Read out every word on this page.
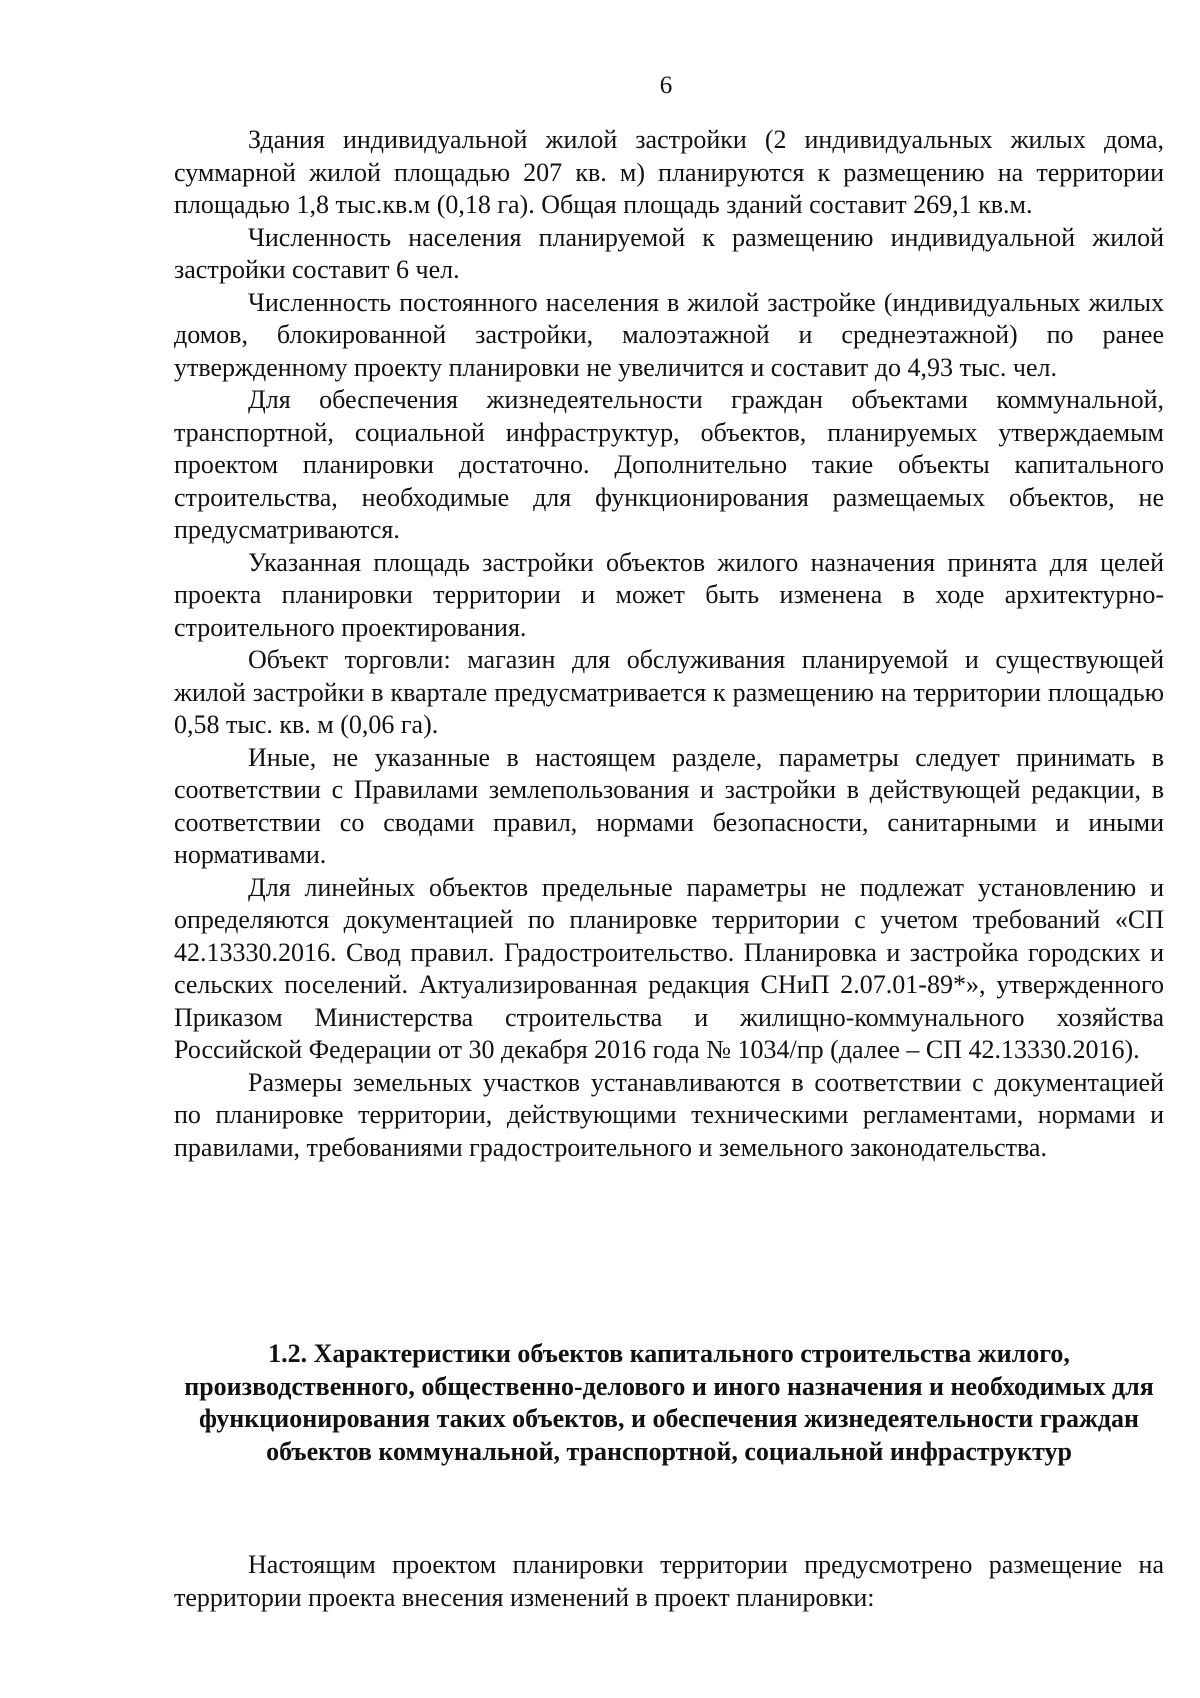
6

Здания индивидуальной жилой застройки (2 индивидуальных жилых дома, суммарной жилой площадью 207 кв. м) планируются к размещению на территории площадью 1,8 тыс.кв.м (0,18 га). Общая площадь зданий составит 269,1 кв.м.

Численность населения планируемой к размещению индивидуальной жилой застройки составит 6 чел.

Численность постоянного населения в жилой застройке (индивидуальных жилых домов, блокированной застройки, малоэтажной и среднеэтажной) по ранее утвержденному проекту планировки не увеличится и составит до 4,93 тыс. чел.

Для обеспечения жизнедеятельности граждан объектами коммунальной, транспортной, социальной инфраструктур, объектов, планируемых утверждаемым проектом планировки достаточно. Дополнительно такие объекты капитального строительства, необходимые для функционирования размещаемых объектов, не предусматриваются.

Указанная площадь застройки объектов жилого назначения принята для целей проекта планировки территории и может быть изменена в ходе архитектурно-строительного проектирования.

Объект торговли: магазин для обслуживания планируемой и существующей жилой застройки в квартале предусматривается к размещению на территории площадью 0,58 тыс. кв. м (0,06 га).

Иные, не указанные в настоящем разделе, параметры следует принимать в соответствии с Правилами землепользования и застройки в действующей редакции, в соответствии со сводами правил, нормами безопасности, санитарными и иными нормативами.

Для линейных объектов предельные параметры не подлежат установлению и определяются документацией по планировке территории с учетом требований «СП 42.13330.2016. Свод правил. Градостроительство. Планировка и застройка городских и сельских поселений. Актуализированная редакция СНиП 2.07.01-89*», утвержденного Приказом Министерства строительства и жилищно-коммунального хозяйства Российской Федерации от 30 декабря 2016 года № 1034/пр (далее – СП 42.13330.2016).

Размеры земельных участков устанавливаются в соответствии с документацией по планировке территории, действующими техническими регламентами, нормами и правилами, требованиями градостроительного и земельного законодательства.

1.2. Характеристики объектов капитального строительства жилого, производственного, общественно-делового и иного назначения и необходимых для функционирования таких объектов, и обеспечения жизнедеятельности граждан объектов коммунальной, транспортной, социальной инфраструктур

Настоящим проектом планировки территории предусмотрено размещение на территории проекта внесения изменений в проект планировки:
